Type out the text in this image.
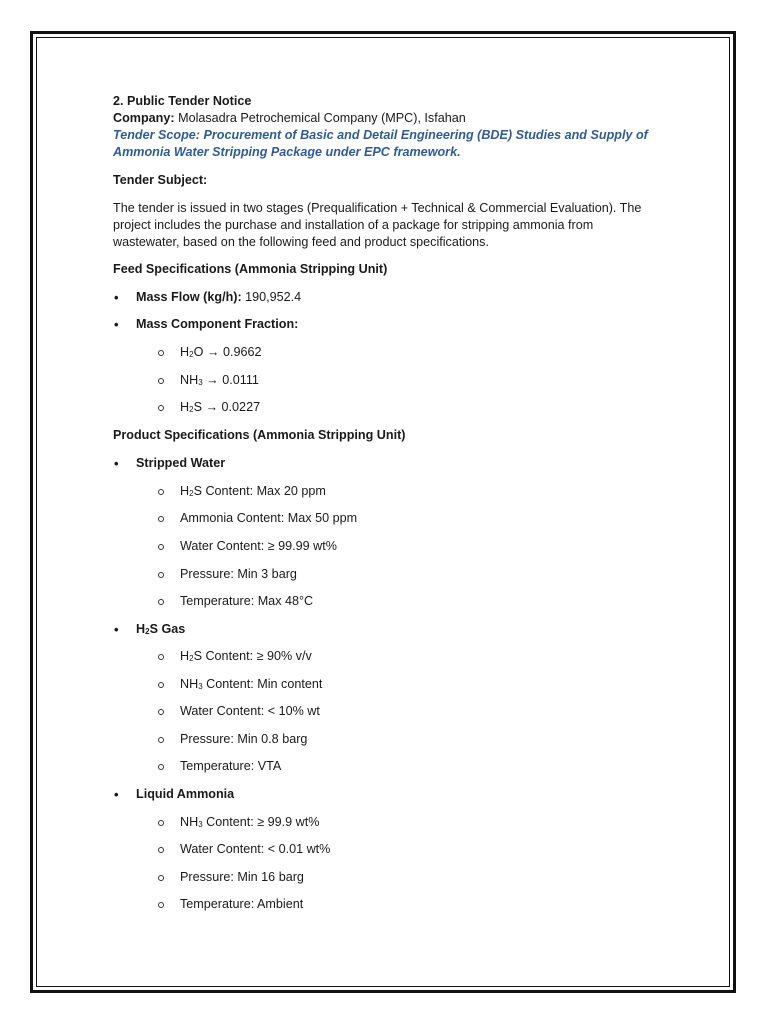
2. Public Tender Notice
Company: Molasadra Petrochemical Company (MPC), Isfahan
Tender Scope: Procurement of Basic and Detail Engineering (BDE) Studies and Supply of
Ammonia Water Stripping Package under EPC framework.
Tender Subject:
The tender is issued in two stages (Prequalification + Technical & Commercial Evaluation). The
project includes the purchase and installation of a package for stripping ammonia from
wastewater, based on the following feed and product specifications.
Feed Specifications (Ammonia Stripping Unit)
• Mass Flow (kg/h): 190,952.4
• Mass Component Fraction:
$H_2O \to 0.9662$
$NH_3 \to 0.0111$
$H_2S \to 0.0227$
Product Specifications (Ammonia Stripping Unit)
• Stripped Water
$H_2S$ Content: Max 20 ppm
Ammonia Content: Max 50 ppm
Water Content: ≥ 99.99 wt%
Pressure: Min 3 barg
Temperature: Max 48°C
• $H_2S$ Gas
$H_2S$ Content: ≥ 90% v/v
$NH_3$ Content: Min content
Water Content: < 10% wt
Pressure: Min 0.8 barg
Temperature: VTA
• Liquid Ammonia
$NH_3$ Content: ≥ 99.9 wt%
Water Content: < 0.01 wt%
Pressure: Min 16 barg
Temperature: Ambient
